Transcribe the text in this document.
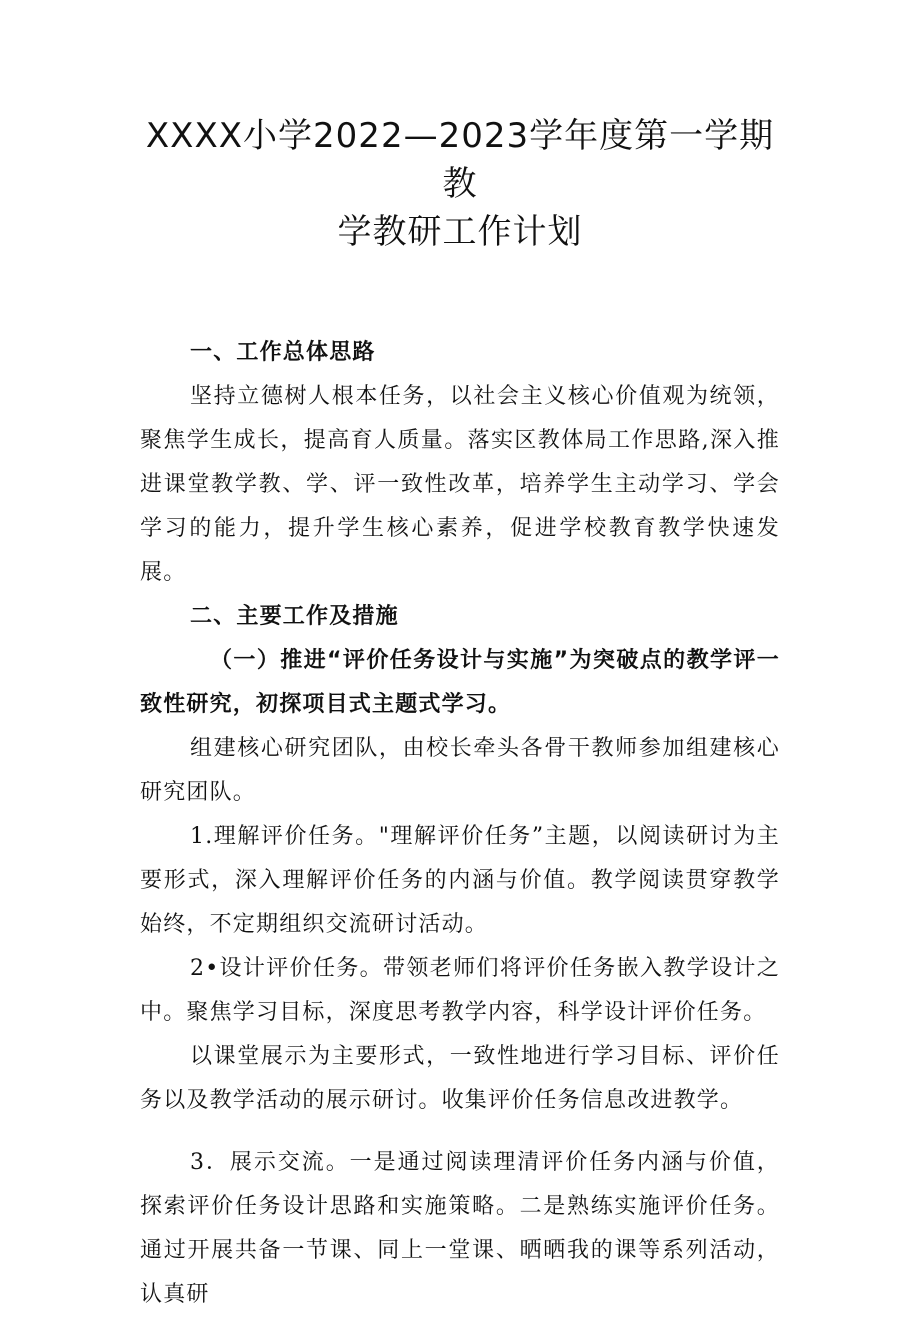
XXXX小学2022—2023学年度第一学期教
学教研工作计划

一、工作总体思路

坚持立德树人根本任务，以社会主义核心价值观为统领，聚焦学生成长，提高育人质量。落实区教体局工作思路,深入推进课堂教学教、学、评一致性改革，培养学生主动学习、学会学习的能力，提升学生核心素养，促进学校教育教学快速发展。

二、主要工作及措施

（一）推进“评价任务设计与实施”为突破点的教学评一致性研究，初探项目式主题式学习。

组建核心研究团队，由校长牵头各骨干教师参加组建核心研究团队。

1.理解评价任务。"理解评价任务”主题，以阅读研讨为主要形式，深入理解评价任务的内涵与价值。教学阅读贯穿教学始终，不定期组织交流研讨活动。

2•设计评价任务。带领老师们将评价任务嵌入教学设计之中。聚焦学习目标，深度思考教学内容，科学设计评价任务。

以课堂展示为主要形式，一致性地进行学习目标、评价任务以及教学活动的展示研讨。收集评价任务信息改进教学。

3．展示交流。一是通过阅读理清评价任务内涵与价值，探索评价任务设计思路和实施策略。二是熟练实施评价任务。通过开展共备一节课、同上一堂课、晒晒我的课等系列活动，认真研
